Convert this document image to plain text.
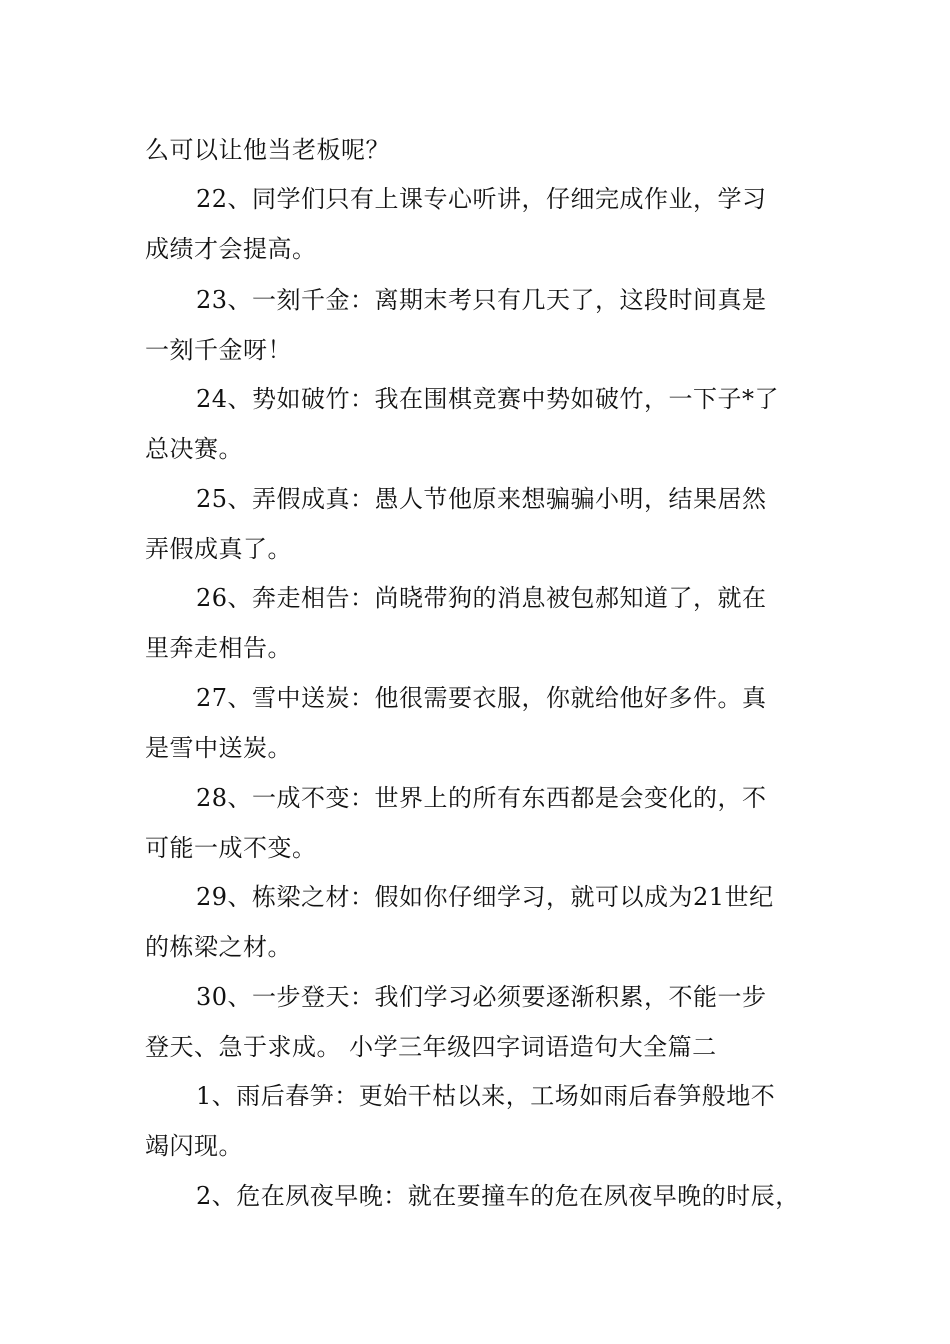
么可以让他当老板呢？
22、同学们只有上课专心听讲，仔细完成作业，学习
成绩才会提高。
23、一刻千金：离期末考只有几天了，这段时间真是
一刻千金呀！
24、势如破竹：我在围棋竞赛中势如破竹，一下子*了
总决赛。
25、弄假成真：愚人节他原来想骗骗小明，结果居然
弄假成真了。
26、奔走相告：尚晓带狗的消息被包郝知道了，就在
里奔走相告。
27、雪中送炭：他很需要衣服，你就给他好多件。真
是雪中送炭。
28、一成不变：世界上的所有东西都是会变化的，不
可能一成不变。
29、栋梁之材：假如你仔细学习，就可以成为21世纪
的栋梁之材。
30、一步登天：我们学习必须要逐渐积累，不能一步
登天、急于求成。 小学三年级四字词语造句大全篇二
1、雨后春笋：更始干枯以来，工场如雨后春笋般地不
竭闪现。
2、危在夙夜早晚：就在要撞车的危在夙夜早晚的时辰，
